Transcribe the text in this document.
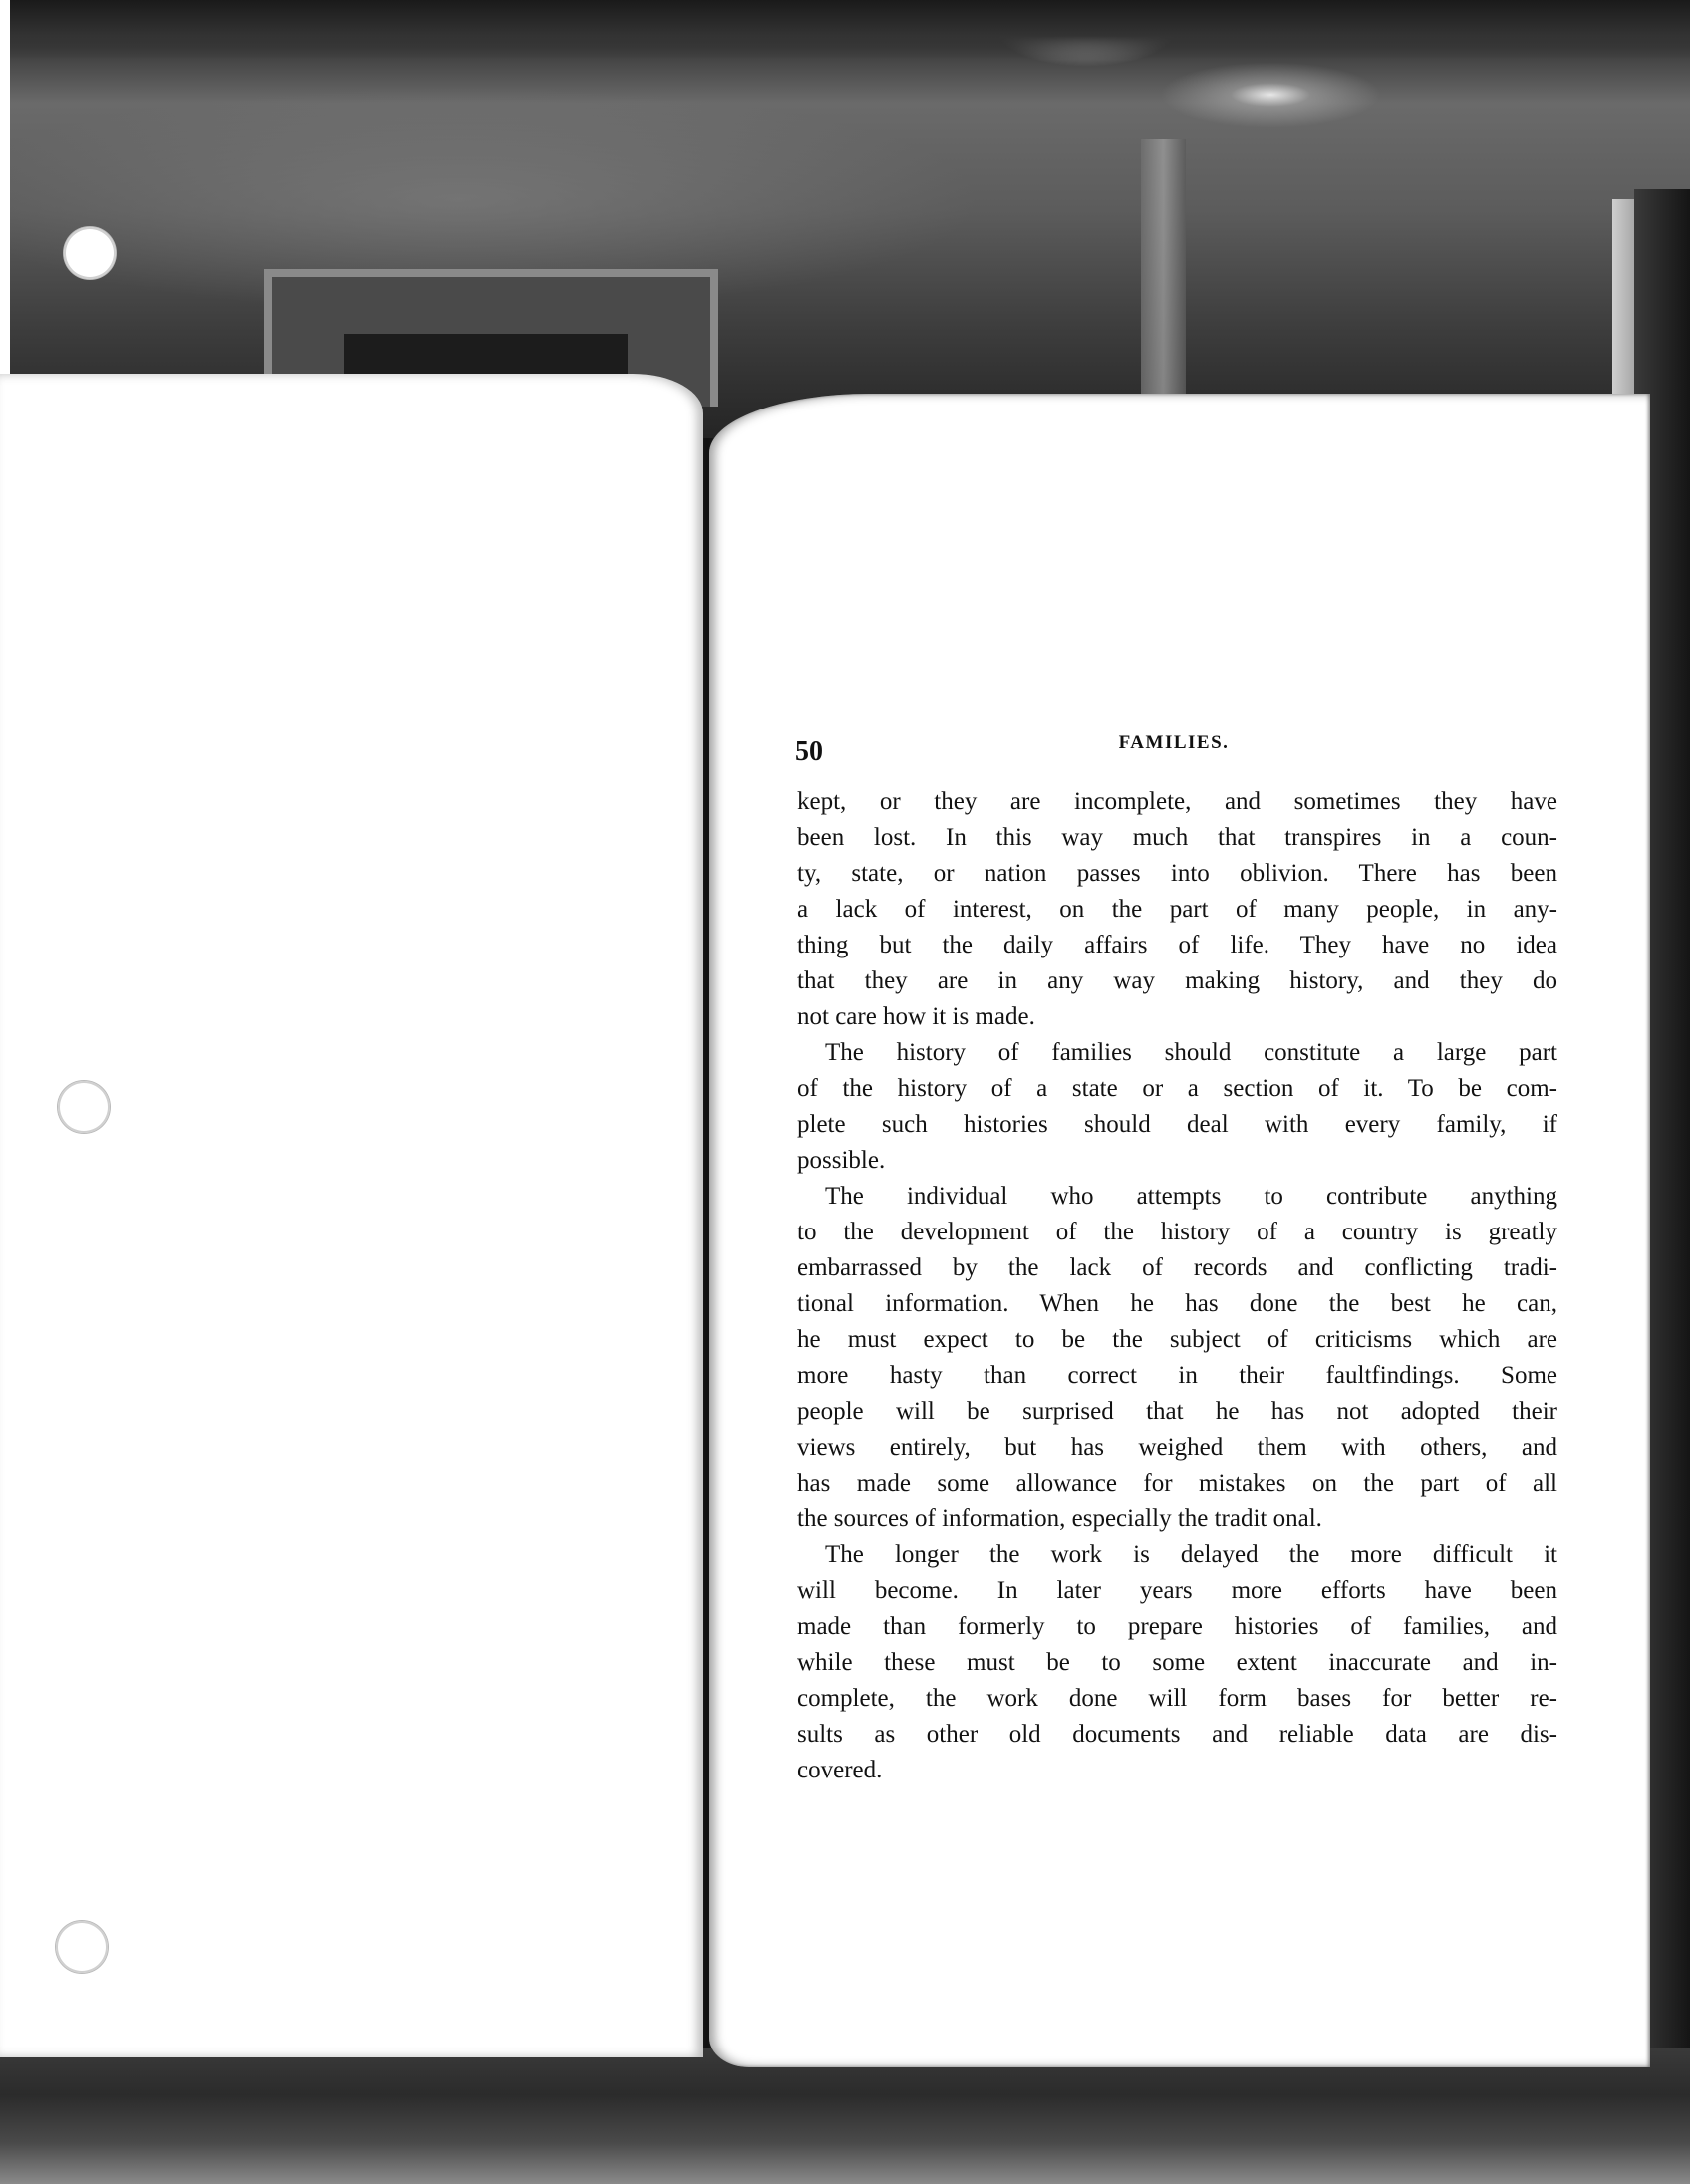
50	FAMILIES.
kept, or they are incomplete, and sometimes they have
been lost. In this way much that transpires in a coun-
ty, state, or nation passes into oblivion. There has been
a lack of interest, on the part of many people, in any-
thing but the daily affairs of life. They have no idea
that they are in any way making history, and they do
not care how it is made.
The history of families should constitute a large part
of the history of a state or a section of it. To be com-
plete such histories should deal with every family, if
possible.
The individual who attempts to contribute anything
to the development of the history of a country is greatly
embarrassed by the lack of records and conflicting tradi-
tional information. When he has done the best he can,
he must expect to be the subject of criticisms which are
more hasty than correct in their faultfindings. Some
people will be surprised that he has not adopted their
views entirely, but has weighed them with others, and
has made some allowance for mistakes on the part of all
the sources of information, especially the tradit onal.
The longer the work is delayed the more difficult it
will become. In later years more efforts have been
made than formerly to prepare histories of families, and
while these must be to some extent inaccurate and in-
complete, the work done will form bases for better re-
sults as other old documents and reliable data are dis-
covered.
